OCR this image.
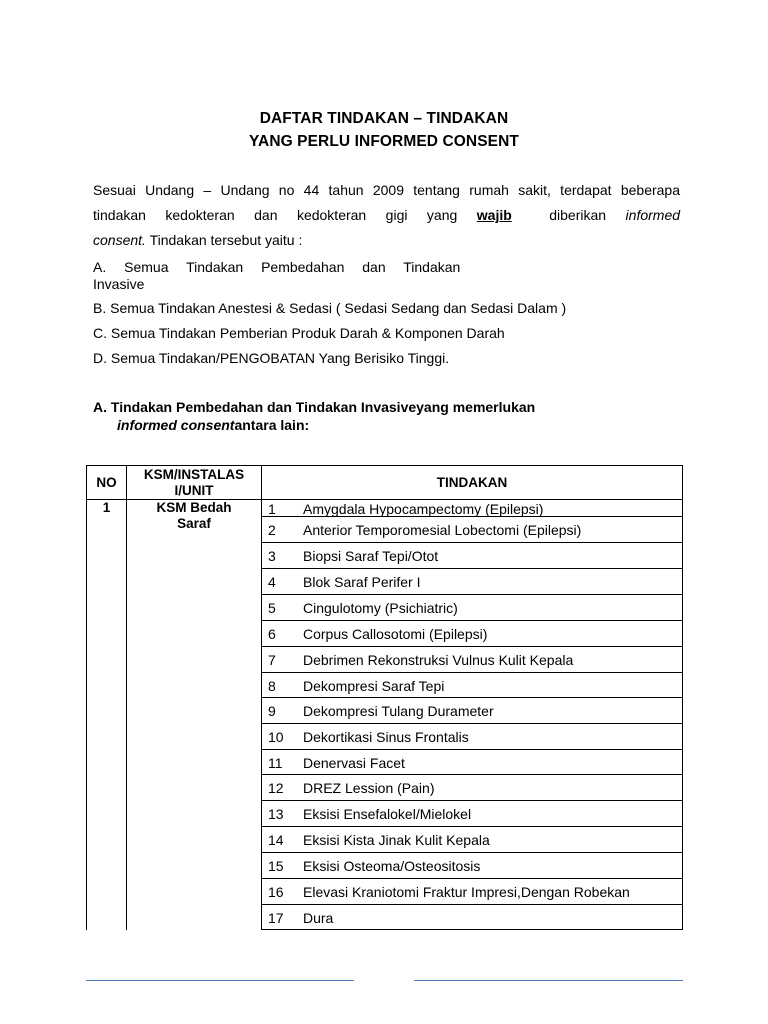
DAFTAR TINDAKAN – TINDAKAN
YANG PERLU INFORMED CONSENT
Sesuai Undang – Undang no 44 tahun 2009 tentang rumah sakit, terdapat beberapa
tindakan kedokteran dan kedokteran gigi yang wajib	diberikan informed
consent. Tindakan tersebut yaitu :
A. Semua Tindakan Pembedahan dan Tindakan
Invasive
B. Semua Tindakan Anestesi & Sedasi ( Sedasi Sedang dan Sedasi Dalam )
C. Semua Tindakan Pemberian Produk Darah & Komponen Darah
D. Semua Tindakan/PENGOBATAN Yang Berisiko Tinggi.
A. Tindakan Pembedahan dan Tindakan Invasiveyang memerlukan
informed consentantara lain:
NO
KSM/INSTALAS
I/UNIT
TINDAKAN
1	KSM Bedah
Saraf
1 Amygdala Hypocampectomy (Epilepsi)
2 Anterior Temporomesial Lobectomi (Epilepsi)
3 Biopsi Saraf Tepi/Otot
4 Blok Saraf Perifer I
5 Cingulotomy (Psichiatric)
6 Corpus Callosotomi (Epilepsi)
7 Debrimen Rekonstruksi Vulnus Kulit Kepala
8 Dekompresi Saraf Tepi
9 Dekompresi Tulang Durameter
10 Dekortikasi Sinus Frontalis
11 Denervasi Facet
12 DREZ Lession (Pain)
13 Eksisi Ensefalokel/Mielokel
14 Eksisi Kista Jinak Kulit Kepala
15 Eksisi Osteoma/Osteositosis
16 Elevasi Kraniotomi Fraktur Impresi,Dengan Robekan
17 Dura
